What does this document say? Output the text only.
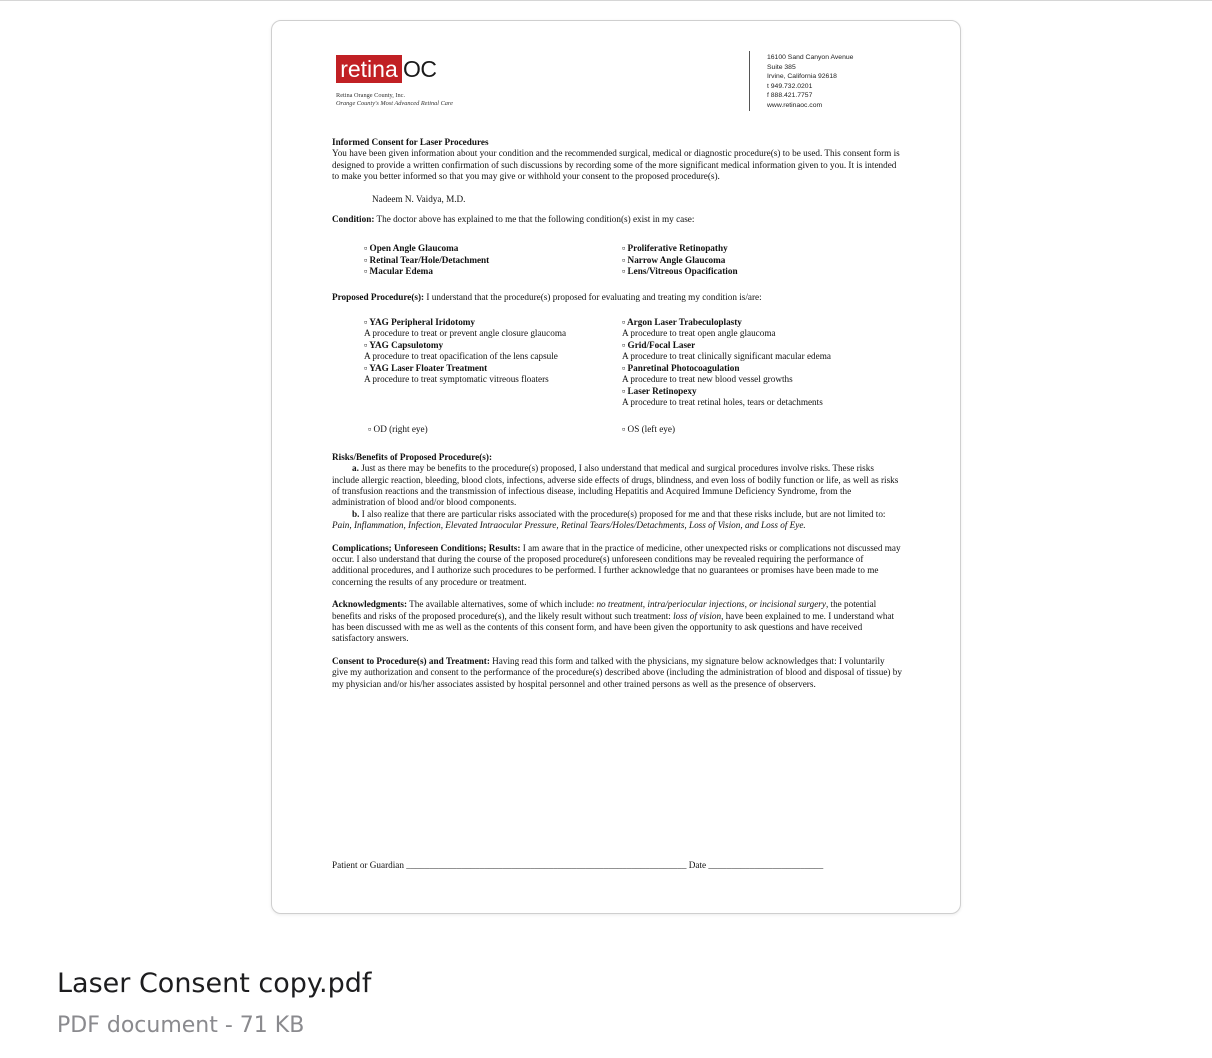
retina OC
Retina Orange County, Inc.
Orange County's Most Advanced Retinal Care
16100 Sand Canyon Avenue
Suite 385
Irvine, California 92618
t 949.732.0201
f 888.421.7757
www.retinaoc.com

Informed Consent for Laser Procedures

You have been given information about your condition and the recommended surgical, medical or diagnostic procedure(s) to be used. This consent form is designed to provide a written confirmation of such discussions by recording some of the more significant medical information given to you. It is intended to make you better informed so that you may give or withhold your consent to the proposed procedure(s).

Nadeem N. Vaidya, M.D.

Condition: The doctor above has explained to me that the following condition(s) exist in my case:

▫ Open Angle Glaucoma
▫ Retinal Tear/Hole/Detachment
▫ Macular Edema
▫ Proliferative Retinopathy
▫ Narrow Angle Glaucoma
▫ Lens/Vitreous Opacification

Proposed Procedure(s): I understand that the procedure(s) proposed for evaluating and treating my condition is/are:

▫ YAG Peripheral Iridotomy
A procedure to treat or prevent angle closure glaucoma
▫ YAG Capsulotomy
A procedure to treat opacification of the lens capsule
▫ YAG Laser Floater Treatment
A procedure to treat symptomatic vitreous floaters
▫ Argon Laser Trabeculoplasty
A procedure to treat open angle glaucoma
▫ Grid/Focal Laser
A procedure to treat clinically significant macular edema
▫ Panretinal Photocoagulation
A procedure to treat new blood vessel growths
▫ Laser Retinopexy
A procedure to treat retinal holes, tears or detachments
▫ OD (right eye)	▫ OS (left eye)

Risks/Benefits of Proposed Procedure(s):

a. Just as there may be benefits to the procedure(s) proposed, I also understand that medical and surgical procedures involve risks. These risks include allergic reaction, bleeding, blood clots, infections, adverse side effects of drugs, blindness, and even loss of bodily function or life, as well as risks of transfusion reactions and the transmission of infectious disease, including Hepatitis and Acquired Immune Deficiency Syndrome, from the administration of blood and/or blood components.

b. I also realize that there are particular risks associated with the procedure(s) proposed for me and that these risks include, but are not limited to: Pain, Inflammation, Infection, Elevated Intraocular Pressure, Retinal Tears/Holes/Detachments, Loss of Vision, and Loss of Eye.

Complications; Unforeseen Conditions; Results: I am aware that in the practice of medicine, other unexpected risks or complications not discussed may occur. I also understand that during the course of the proposed procedure(s) unforeseen conditions may be revealed requiring the performance of additional procedures, and I authorize such procedures to be performed. I further acknowledge that no guarantees or promises have been made to me concerning the results of any procedure or treatment.

Acknowledgments: The available alternatives, some of which include: no treatment, intra/periocular injections, or incisional surgery, the potential benefits and risks of the proposed procedure(s), and the likely result without such treatment: loss of vision, have been explained to me. I understand what has been discussed with me as well as the contents of this consent form, and have been given the opportunity to ask questions and have received satisfactory answers.

Consent to Procedure(s) and Treatment: Having read this form and talked with the physicians, my signature below acknowledges that: I voluntarily give my authorization and consent to the performance of the procedure(s) described above (including the administration of blood and disposal of tissue) by my physician and/or his/her associates assisted by hospital personnel and other trained persons as well as the presence of observers.

Patient or Guardian _____________________________________________________________ Date _________________________
Laser Consent copy.pdf
PDF document - 71 KB
